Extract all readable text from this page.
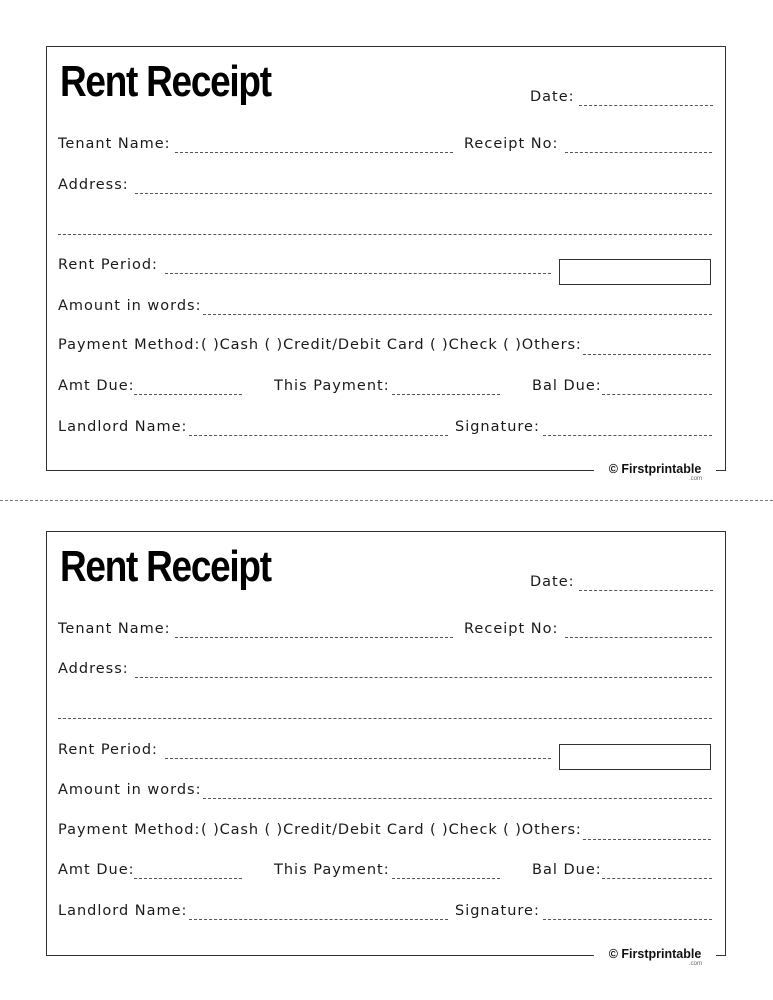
Rent Receipt	Date:
Tenant Name:	Receipt No:
Address:
Rent Period:
Amount in words:
Payment Method: ( )Cash ( )Credit/Debit Card ( )Check ( )Others:
Amt Due:	This Payment:	Bal Due:
Landlord Name:	Signature:
© Firstprintable
.com
Rent Receipt	Date:
Tenant Name:	Receipt No:
Address:
Rent Period:
Amount in words:
Payment Method: ( )Cash ( )Credit/Debit Card ( )Check ( )Others:
Amt Due:	This Payment:	Bal Due:
Landlord Name:	Signature:
© Firstprintable
.com
